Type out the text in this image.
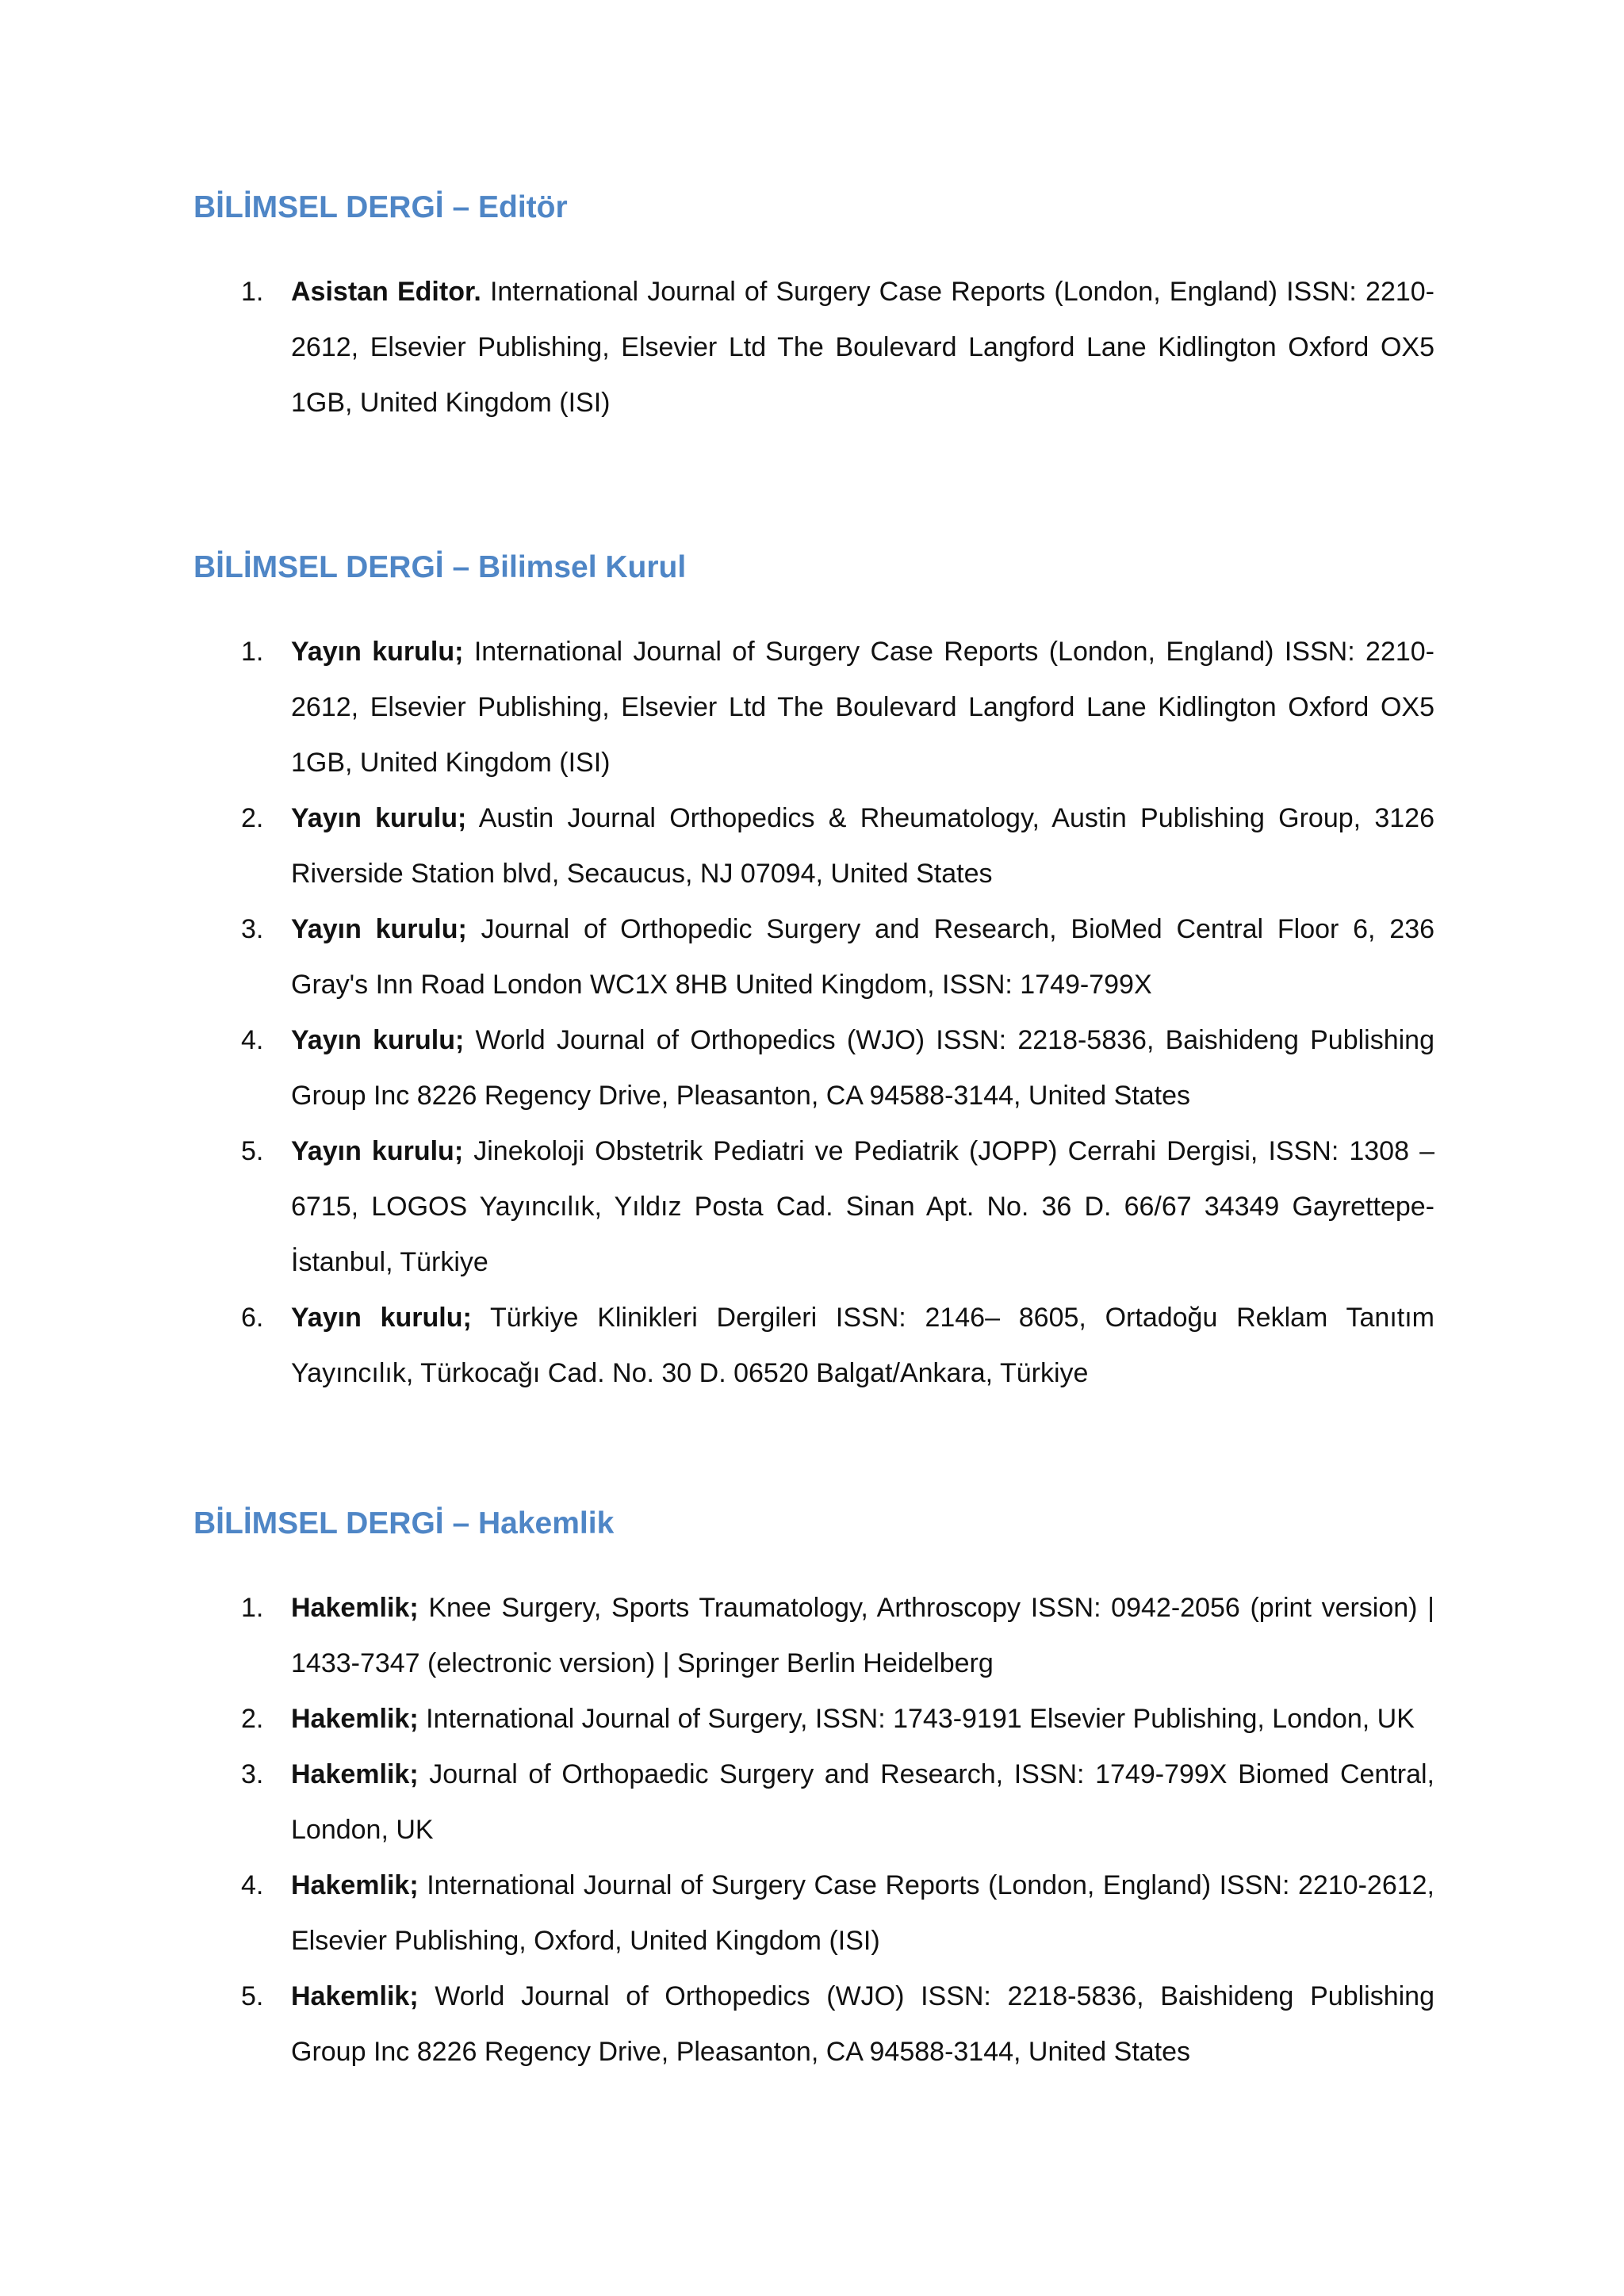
BİLİMSEL DERGİ – Editör
1.	Asistan Editor. International Journal of Surgery Case Reports (London, England) ISSN: 2210-2612, Elsevier Publishing, Elsevier Ltd The Boulevard Langford Lane Kidlington Oxford OX5 1GB, United Kingdom (ISI)
BİLİMSEL DERGİ – Bilimsel Kurul
1.	Yayın kurulu; International Journal of Surgery Case Reports (London, England) ISSN: 2210-2612, Elsevier Publishing, Elsevier Ltd The Boulevard Langford Lane Kidlington Oxford OX5 1GB, United Kingdom (ISI)
2.	Yayın kurulu; Austin Journal Orthopedics & Rheumatology, Austin Publishing Group, 3126 Riverside Station blvd, Secaucus, NJ 07094, United States
3.	Yayın kurulu; Journal of Orthopedic Surgery and Research, BioMed Central Floor 6, 236 Gray's Inn Road London WC1X 8HB United Kingdom, ISSN: 1749-799X
4.	Yayın kurulu; World Journal of Orthopedics (WJO) ISSN: 2218-5836, Baishideng Publishing Group Inc 8226 Regency Drive, Pleasanton, CA 94588-3144, United States
5.	Yayın kurulu; Jinekoloji Obstetrik Pediatri ve Pediatrik (JOPP) Cerrahi Dergisi, ISSN: 1308 – 6715, LOGOS Yayıncılık, Yıldız Posta Cad. Sinan Apt. No. 36 D. 66/67 34349 Gayrettepe-İstanbul, Türkiye
6.	Yayın kurulu; Türkiye Klinikleri Dergileri ISSN: 2146– 8605, Ortadoğu Reklam Tanıtım Yayıncılık, Türkocağı Cad. No. 30 D. 06520 Balgat/Ankara, Türkiye
BİLİMSEL DERGİ – Hakemlik
1.	Hakemlik; Knee Surgery, Sports Traumatology, Arthroscopy ISSN: 0942-2056 (print version) | 1433-7347 (electronic version) | Springer Berlin Heidelberg
2.	Hakemlik; International Journal of Surgery, ISSN: 1743-9191 Elsevier Publishing, London, UK
3.	Hakemlik; Journal of Orthopaedic Surgery and Research, ISSN: 1749-799X Biomed Central, London, UK
4.	Hakemlik; International Journal of Surgery Case Reports (London, England) ISSN: 2210-2612, Elsevier Publishing, Oxford, United Kingdom (ISI)
5.	Hakemlik; World Journal of Orthopedics (WJO) ISSN: 2218-5836, Baishideng Publishing Group Inc 8226 Regency Drive, Pleasanton, CA 94588-3144, United States
